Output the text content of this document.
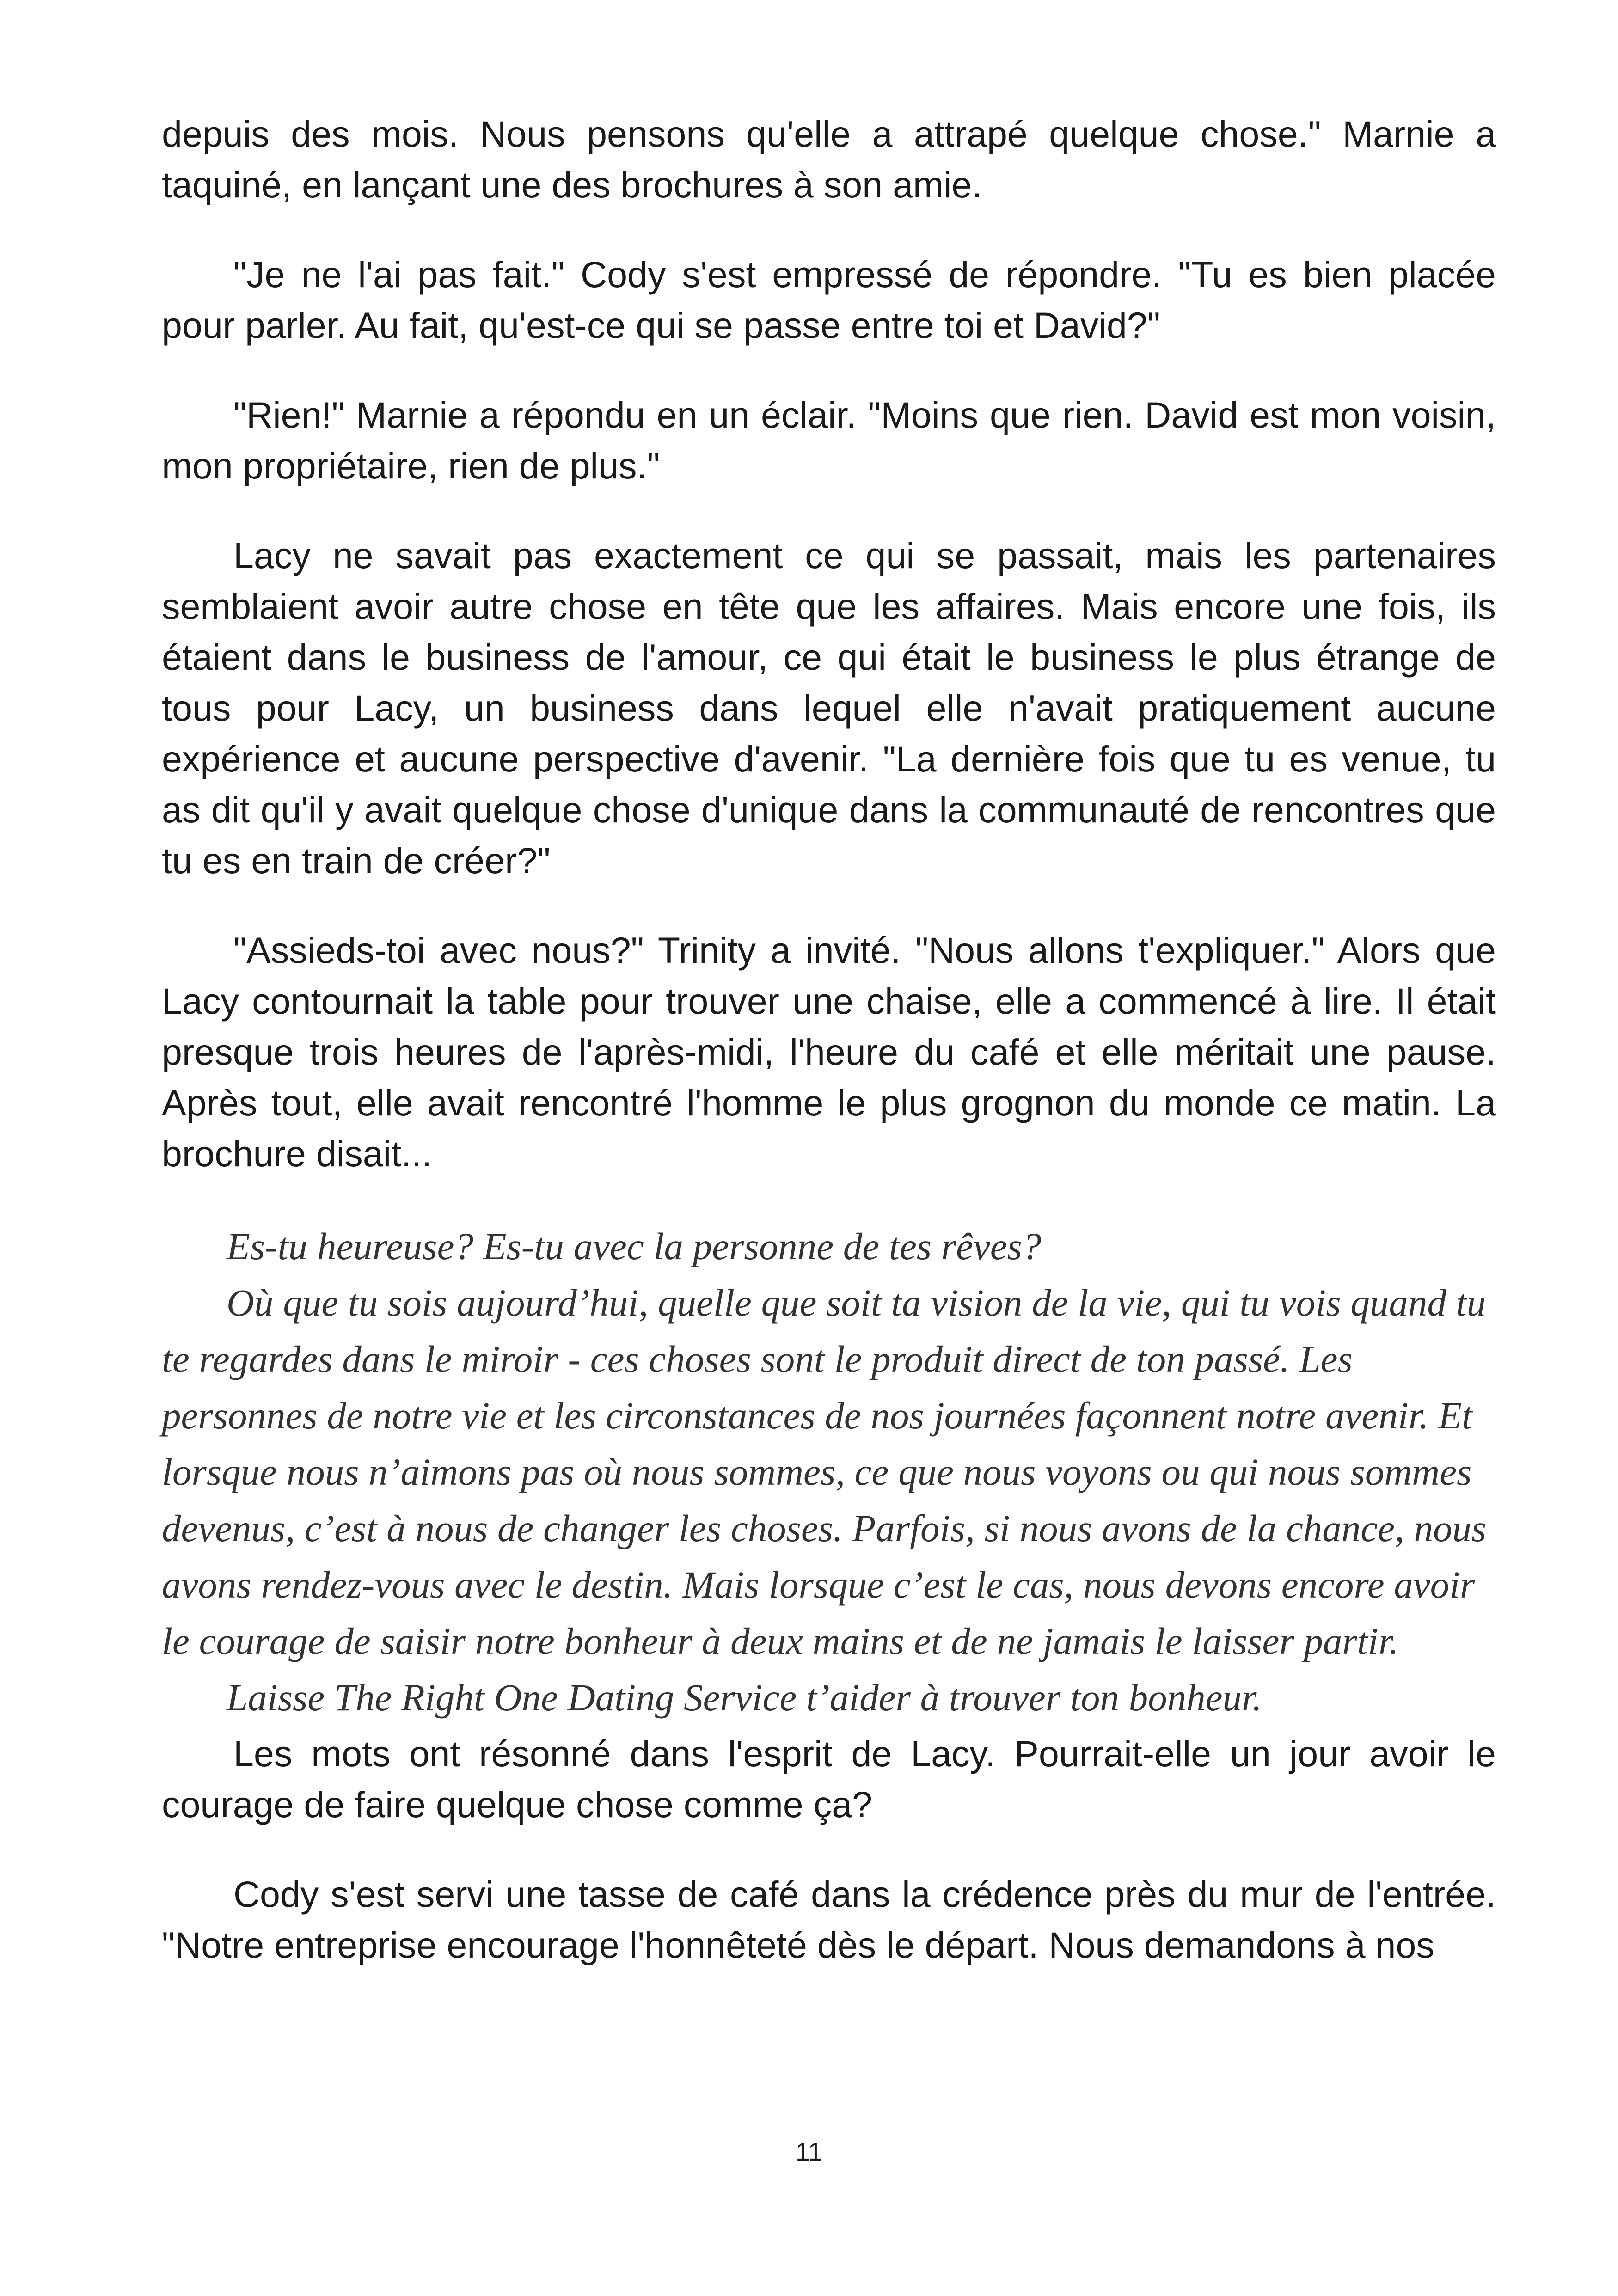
depuis des mois. Nous pensons qu'elle a attrapé quelque chose." Marnie a taquiné, en lançant une des brochures à son amie.

"Je ne l'ai pas fait." Cody s'est empressé de répondre. "Tu es bien placée pour parler. Au fait, qu'est-ce qui se passe entre toi et David?"

"Rien!" Marnie a répondu en un éclair. "Moins que rien. David est mon voisin, mon propriétaire, rien de plus."

Lacy ne savait pas exactement ce qui se passait, mais les partenaires semblaient avoir autre chose en tête que les affaires. Mais encore une fois, ils étaient dans le business de l'amour, ce qui était le business le plus étrange de tous pour Lacy, un business dans lequel elle n'avait pratiquement aucune expérience et aucune perspective d'avenir. "La dernière fois que tu es venue, tu as dit qu'il y avait quelque chose d'unique dans la communauté de rencontres que tu es en train de créer?"

"Assieds-toi avec nous?" Trinity a invité. "Nous allons t'expliquer." Alors que Lacy contournait la table pour trouver une chaise, elle a commencé à lire. Il était presque trois heures de l'après-midi, l'heure du café et elle méritait une pause. Après tout, elle avait rencontré l'homme le plus grognon du monde ce matin. La brochure disait...

Es-tu heureuse? Es-tu avec la personne de tes rêves?

Où que tu sois aujourd’hui, quelle que soit ta vision de la vie, qui tu vois quand tu te regardes dans le miroir - ces choses sont le produit direct de ton passé. Les personnes de notre vie et les circonstances de nos journées façonnent notre avenir. Et lorsque nous n’aimons pas où nous sommes, ce que nous voyons ou qui nous sommes devenus, c’est à nous de changer les choses. Parfois, si nous avons de la chance, nous avons rendez-vous avec le destin. Mais lorsque c’est le cas, nous devons encore avoir le courage de saisir notre bonheur à deux mains et de ne jamais le laisser partir.

Laisse The Right One Dating Service t’aider à trouver ton bonheur.

Les mots ont résonné dans l'esprit de Lacy. Pourrait-elle un jour avoir le courage de faire quelque chose comme ça?

Cody s'est servi une tasse de café dans la crédence près du mur de l'entrée. "Notre entreprise encourage l'honnêteté dès le départ. Nous demandons à nos

11
